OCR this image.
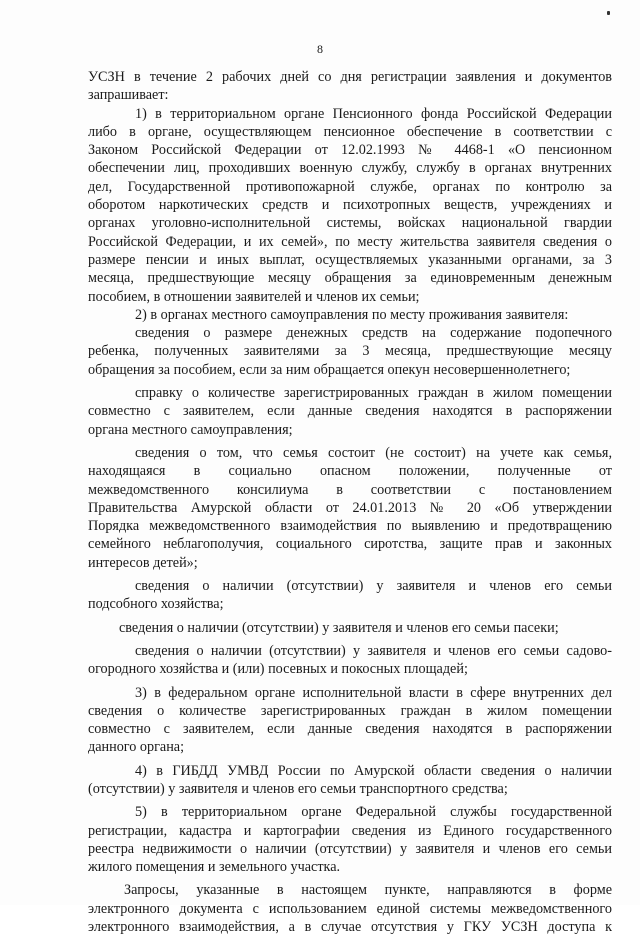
8
УСЗН в течение 2 рабочих дней со дня регистрации заявления и документов
запрашивает:
1) в территориальном органе Пенсионного фонда Российской Федерации
либо в органе, осуществляющем пенсионное обеспечение в соответствии с
Законом Российской Федерации от 12.02.1993 № 4468-1 «О пенсионном
обеспечении лиц, проходивших военную службу, службу в органах внутренних
дел, Государственной противопожарной службе, органах по контролю за
оборотом наркотических средств и психотропных веществ, учреждениях и
органах уголовно-исполнительной системы, войсках национальной гвардии
Российской Федерации, и их семей», по месту жительства заявителя сведения о
размере пенсии и иных выплат, осуществляемых указанными органами, за 3
месяца, предшествующие месяцу обращения за единовременным денежным
пособием, в отношении заявителей и членов их семьи;
2) в органах местного самоуправления по месту проживания заявителя:
сведения о размере денежных средств на содержание подопечного
ребенка, полученных заявителями за 3 месяца, предшествующие месяцу
обращения за пособием, если за ним обращается опекун несовершеннолетнего;
справку о количестве зарегистрированных граждан в жилом помещении
совместно с заявителем, если данные сведения находятся в распоряжении
органа местного самоуправления;
сведения о том, что семья состоит (не состоит) на учете как семья,
находящаяся в социально опасном положении, полученные от
межведомственного консилиума в соответствии с постановлением
Правительства Амурской области от 24.01.2013 № 20 «Об утверждении
Порядка межведомственного взаимодействия по выявлению и предотвращению
семейного неблагополучия, социального сиротства, защите прав и законных
интересов детей»;
сведения о наличии (отсутствии) у заявителя и членов его семьи
подсобного хозяйства;
сведения о наличии (отсутствии) у заявителя и членов его семьи пасеки;
сведения о наличии (отсутствии) у заявителя и членов его семьи садово-
огородного хозяйства и (или) посевных и покосных площадей;
3) в федеральном органе исполнительной власти в сфере внутренних дел
сведения о количестве зарегистрированных граждан в жилом помещении
совместно с заявителем, если данные сведения находятся в распоряжении
данного органа;
4) в ГИБДД УМВД России по Амурской области сведения о наличии
(отсутствии) у заявителя и членов его семьи транспортного средства;
5) в территориальном органе Федеральной службы государственной
регистрации, кадастра и картографии сведения из Единого государственного
реестра недвижимости о наличии (отсутствии) у заявителя и членов его семьи
жилого помещения и земельного участка.
Запросы, указанные в настоящем пункте, направляются в форме
электронного документа с использованием единой системы межведомственного
электронного взаимодействия, а в случае отсутствия у ГКУ УСЗН доступа к
